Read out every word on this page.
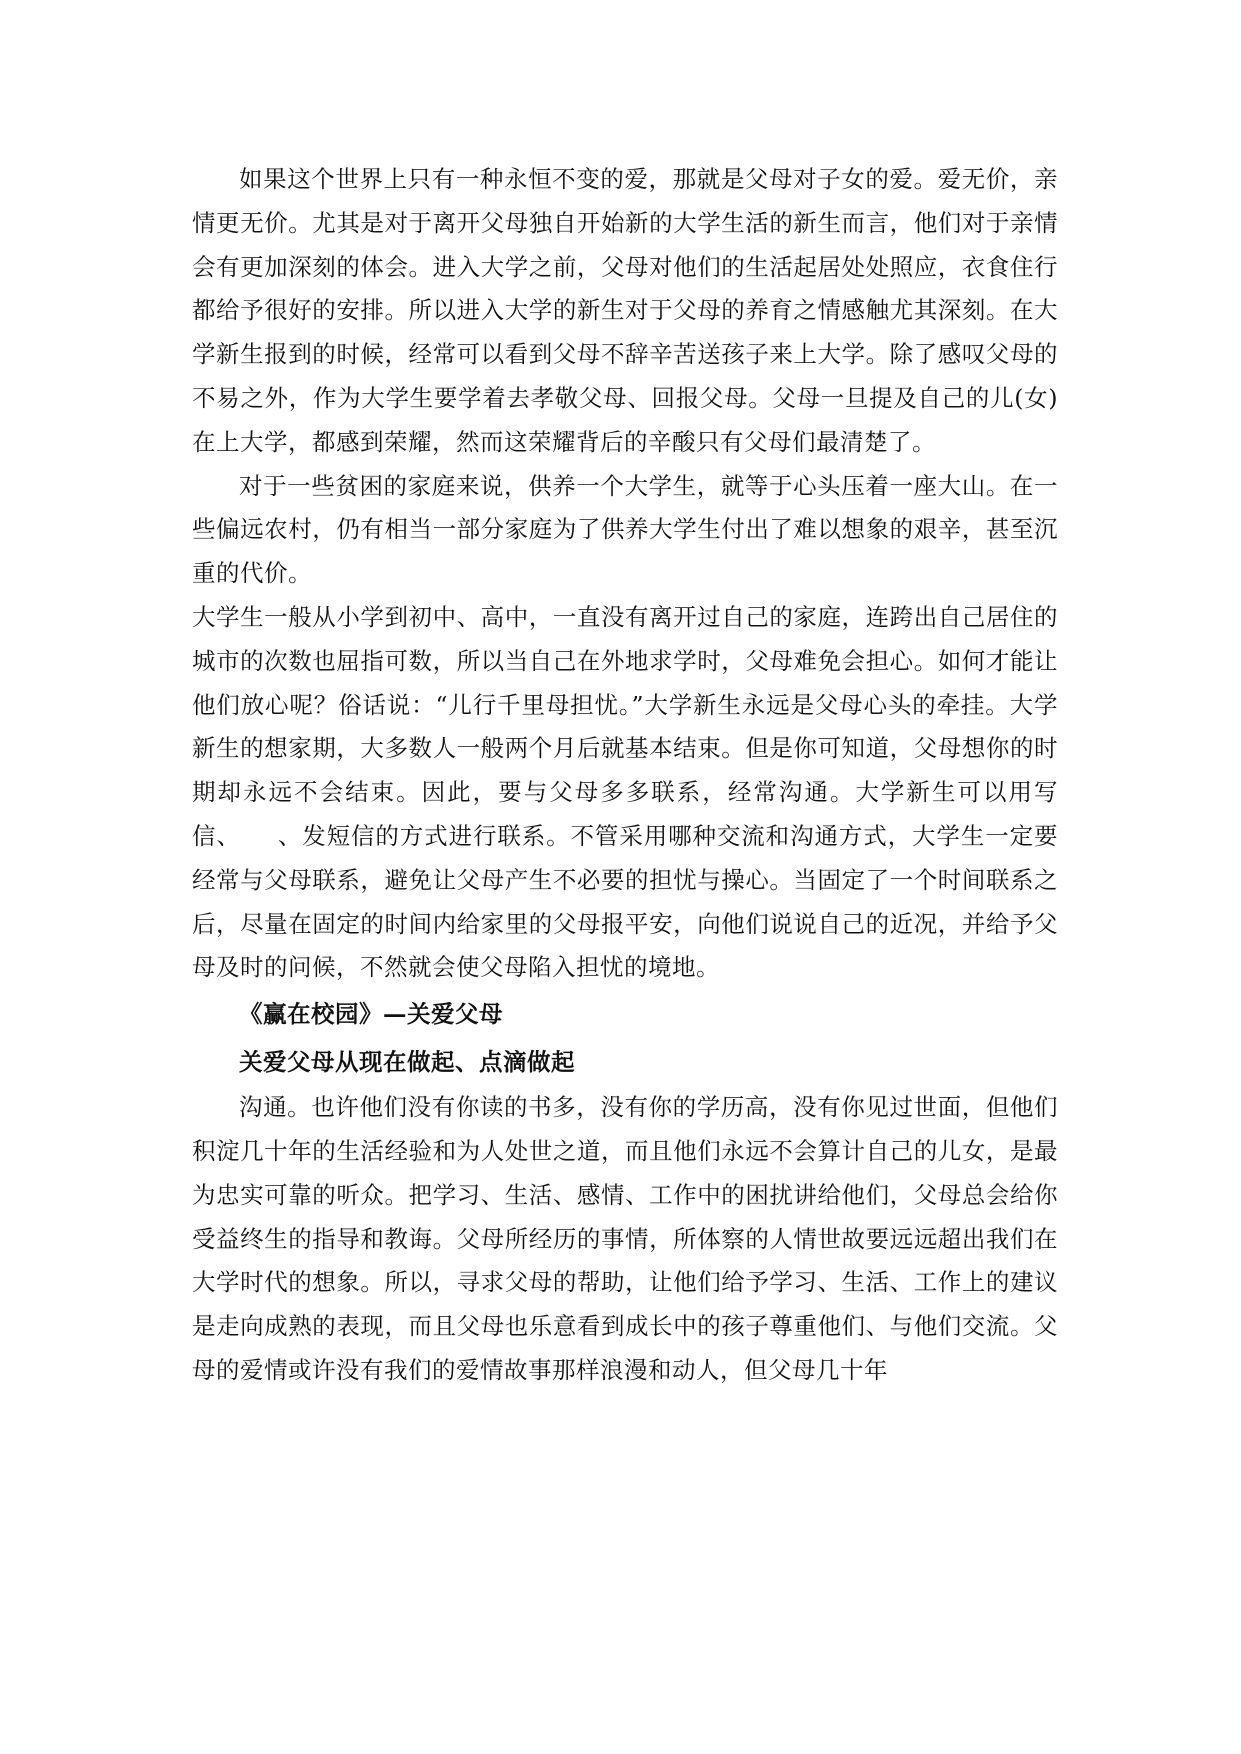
如果这个世界上只有一种永恒不变的爱，那就是父母对子女的爱。爱无价，亲情更无价。尤其是对于离开父母独自开始新的大学生活的新生而言，他们对于亲情会有更加深刻的体会。进入大学之前，父母对他们的生活起居处处照应，衣食住行都给予很好的安排。所以进入大学的新生对于父母的养育之情感触尤其深刻。在大学新生报到的时候，经常可以看到父母不辞辛苦送孩子来上大学。除了感叹父母的不易之外，作为大学生要学着去孝敬父母、回报父母。父母一旦提及自己的儿(女)在上大学，都感到荣耀，然而这荣耀背后的辛酸只有父母们最清楚了。

对于一些贫困的家庭来说，供养一个大学生，就等于心头压着一座大山。在一些偏远农村，仍有相当一部分家庭为了供养大学生付出了难以想象的艰辛，甚至沉重的代价。

大学生一般从小学到初中、高中，一直没有离开过自己的家庭，连跨出自己居住的城市的次数也屈指可数，所以当自己在外地求学时，父母难免会担心。如何才能让他们放心呢？俗话说：“儿行千里母担忧。”大学新生永远是父母心头的牵挂。大学新生的想家期，大多数人一般两个月后就基本结束。但是你可知道，父母想你的时期却永远不会结束。因此，要与父母多多联系，经常沟通。大学新生可以用写信、　　、发短信的方式进行联系。不管采用哪种交流和沟通方式，大学生一定要经常与父母联系，避免让父母产生不必要的担忧与操心。当固定了一个时间联系之后，尽量在固定的时间内给家里的父母报平安，向他们说说自己的近况，并给予父母及时的问候，不然就会使父母陷入担忧的境地。

《赢在校园》—关爱父母

关爱父母从现在做起、点滴做起

沟通。也许他们没有你读的书多，没有你的学历高，没有你见过世面，但他们积淀几十年的生活经验和为人处世之道，而且他们永远不会算计自己的儿女，是最为忠实可靠的听众。把学习、生活、感情、工作中的困扰讲给他们，父母总会给你受益终生的指导和教诲。父母所经历的事情，所体察的人情世故要远远超出我们在大学时代的想象。所以，寻求父母的帮助，让他们给予学习、生活、工作上的建议是走向成熟的表现，而且父母也乐意看到成长中的孩子尊重他们、与他们交流。父母的爱情或许没有我们的爱情故事那样浪漫和动人，但父母几十年
